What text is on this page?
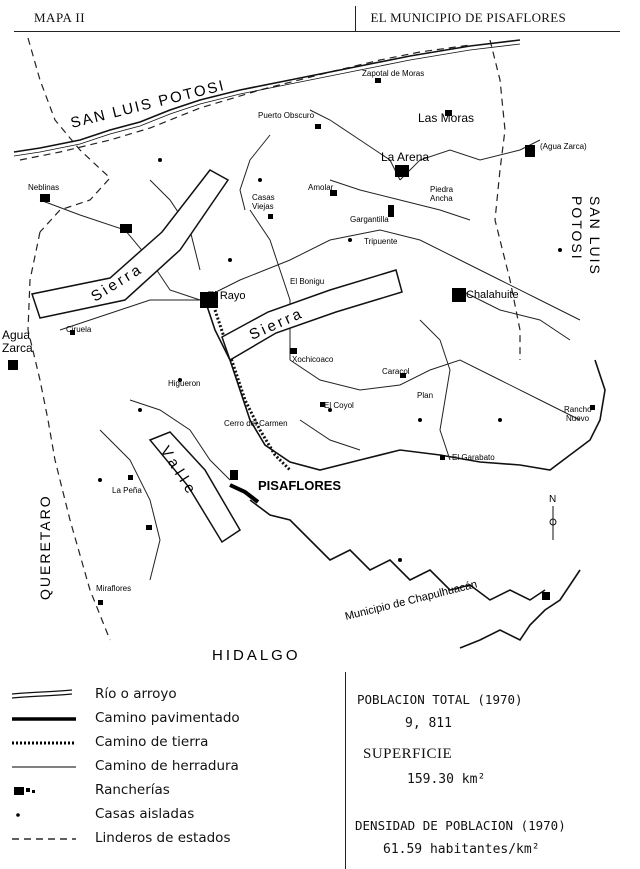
MAPA II	EL MUNICIPIO DE PISAFLORES
Sierra
Sierra
Valle
SAN LUIS POTOSI
SAN LUIS
POTOSI
QUERETARO
HIDALGO
Zapotal de Moras
Las Moras
(Agua Zarca)
La Arena
Puerto Obscuro
Amolar	Piedra
Ancha
Neblinas
Casas
Viejas
Gargantilla
Tripuente
El Bonigu
El Rayo	Chalahuite
Agua
Zarca
Ciruela
Xochicoaco
Caracol
Plan
Higueron
El Coyol	Rancho
Nuevo
Cerro del Carmen
El Garabato
La Peña
Miraflores
PISAFLORES
Municipio de Chapulhuacán
N
Río o arroyo
Camino pavimentado
Camino de tierra
Camino de herradura
Rancherías
Casas aisladas
Linderos de estados
POBLACION TOTAL (1970)
9, 811
SUPERFICIE
159.30 km²
DENSIDAD DE POBLACION (1970)
61.59 habitantes/km²
